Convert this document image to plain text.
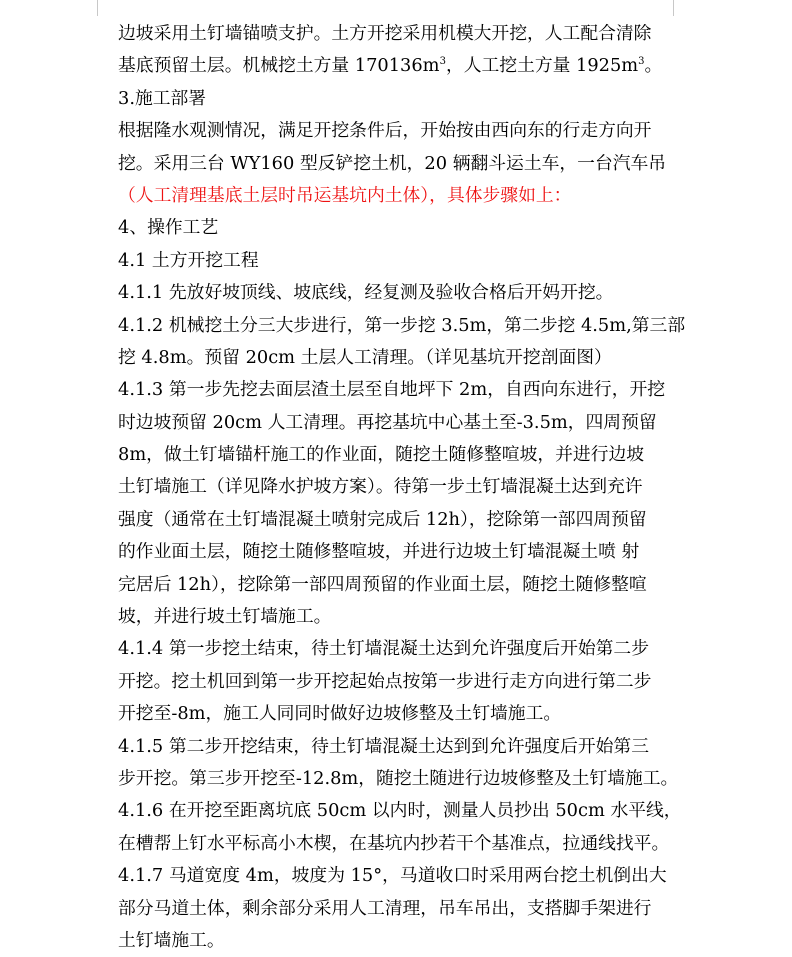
边坡采用土钉墙锚喷支护。土方开挖采用机模大开挖，人工配合清除
基底预留土层。机械挖土方量 $170136m^3$，人工挖土方量 $1925m^3$。
3.施工部署
根据隆水观测情况，满足开挖条件后，开始按由西向东的行走方向开
挖。采用三台 WY160 型反铲挖土机，20 辆翻斗运土车，一台汽车吊
（人工清理基底土层时吊运基坑内土体），具体步骤如上：
4、操作工艺
4.1 土方开挖工程
4.1.1 先放好坡顶线、坡底线，经复测及验收合格后开妈开挖。
4.1.2 机械挖土分三大步进行，第一步挖 3.5m，第二步挖 4.5m,第三部
挖 4.8m。预留 20cm 土层人工清理。（详见基坑开挖剖面图）
4.1.3 第一步先挖去面层渣土层至自地坪下 2m，自西向东进行，开挖
时边坡预留 20cm 人工清理。再挖基坑中心基土至-3.5m，四周预留
8m，做土钉墙锚杆施工的作业面，随挖土随修整喧坡，并进行边坡
土钉墙施工（详见降水护坡方案）。待第一步土钉墙混凝土达到充许
强度（通常在土钉墙混凝土喷射完成后 12h），挖除第一部四周预留
的作业面土层，随挖土随修整喧坡，并进行边坡土钉墙混凝土喷 射
完居后 12h），挖除第一部四周预留的作业面土层，随挖土随修整喧
坡，并进行坡土钉墙施工。
4.1.4 第一步挖土结束，待土钉墙混凝土达到允许强度后开始第二步
开挖。挖土机回到第一步开挖起始点按第一步进行走方向进行第二步
开挖至-8m，施工人同同时做好边坡修整及土钉墙施工。
4.1.5 第二步开挖结束，待土钉墙混凝土达到到允许强度后开始第三
步开挖。第三步开挖至-12.8m，随挖土随进行边坡修整及土钉墙施工。
4.1.6 在开挖至距离坑底 50cm 以内时，测量人员抄出 50cm 水平线，
在槽帮上钉水平标高小木楔，在基坑内抄若干个基准点，拉通线找平。
4.1.7 马道宽度 4m，坡度为 15°，马道收口时采用两台挖土机倒出大
部分马道土体，剩余部分采用人工清理，吊车吊出，支搭脚手架进行
土钉墙施工。
